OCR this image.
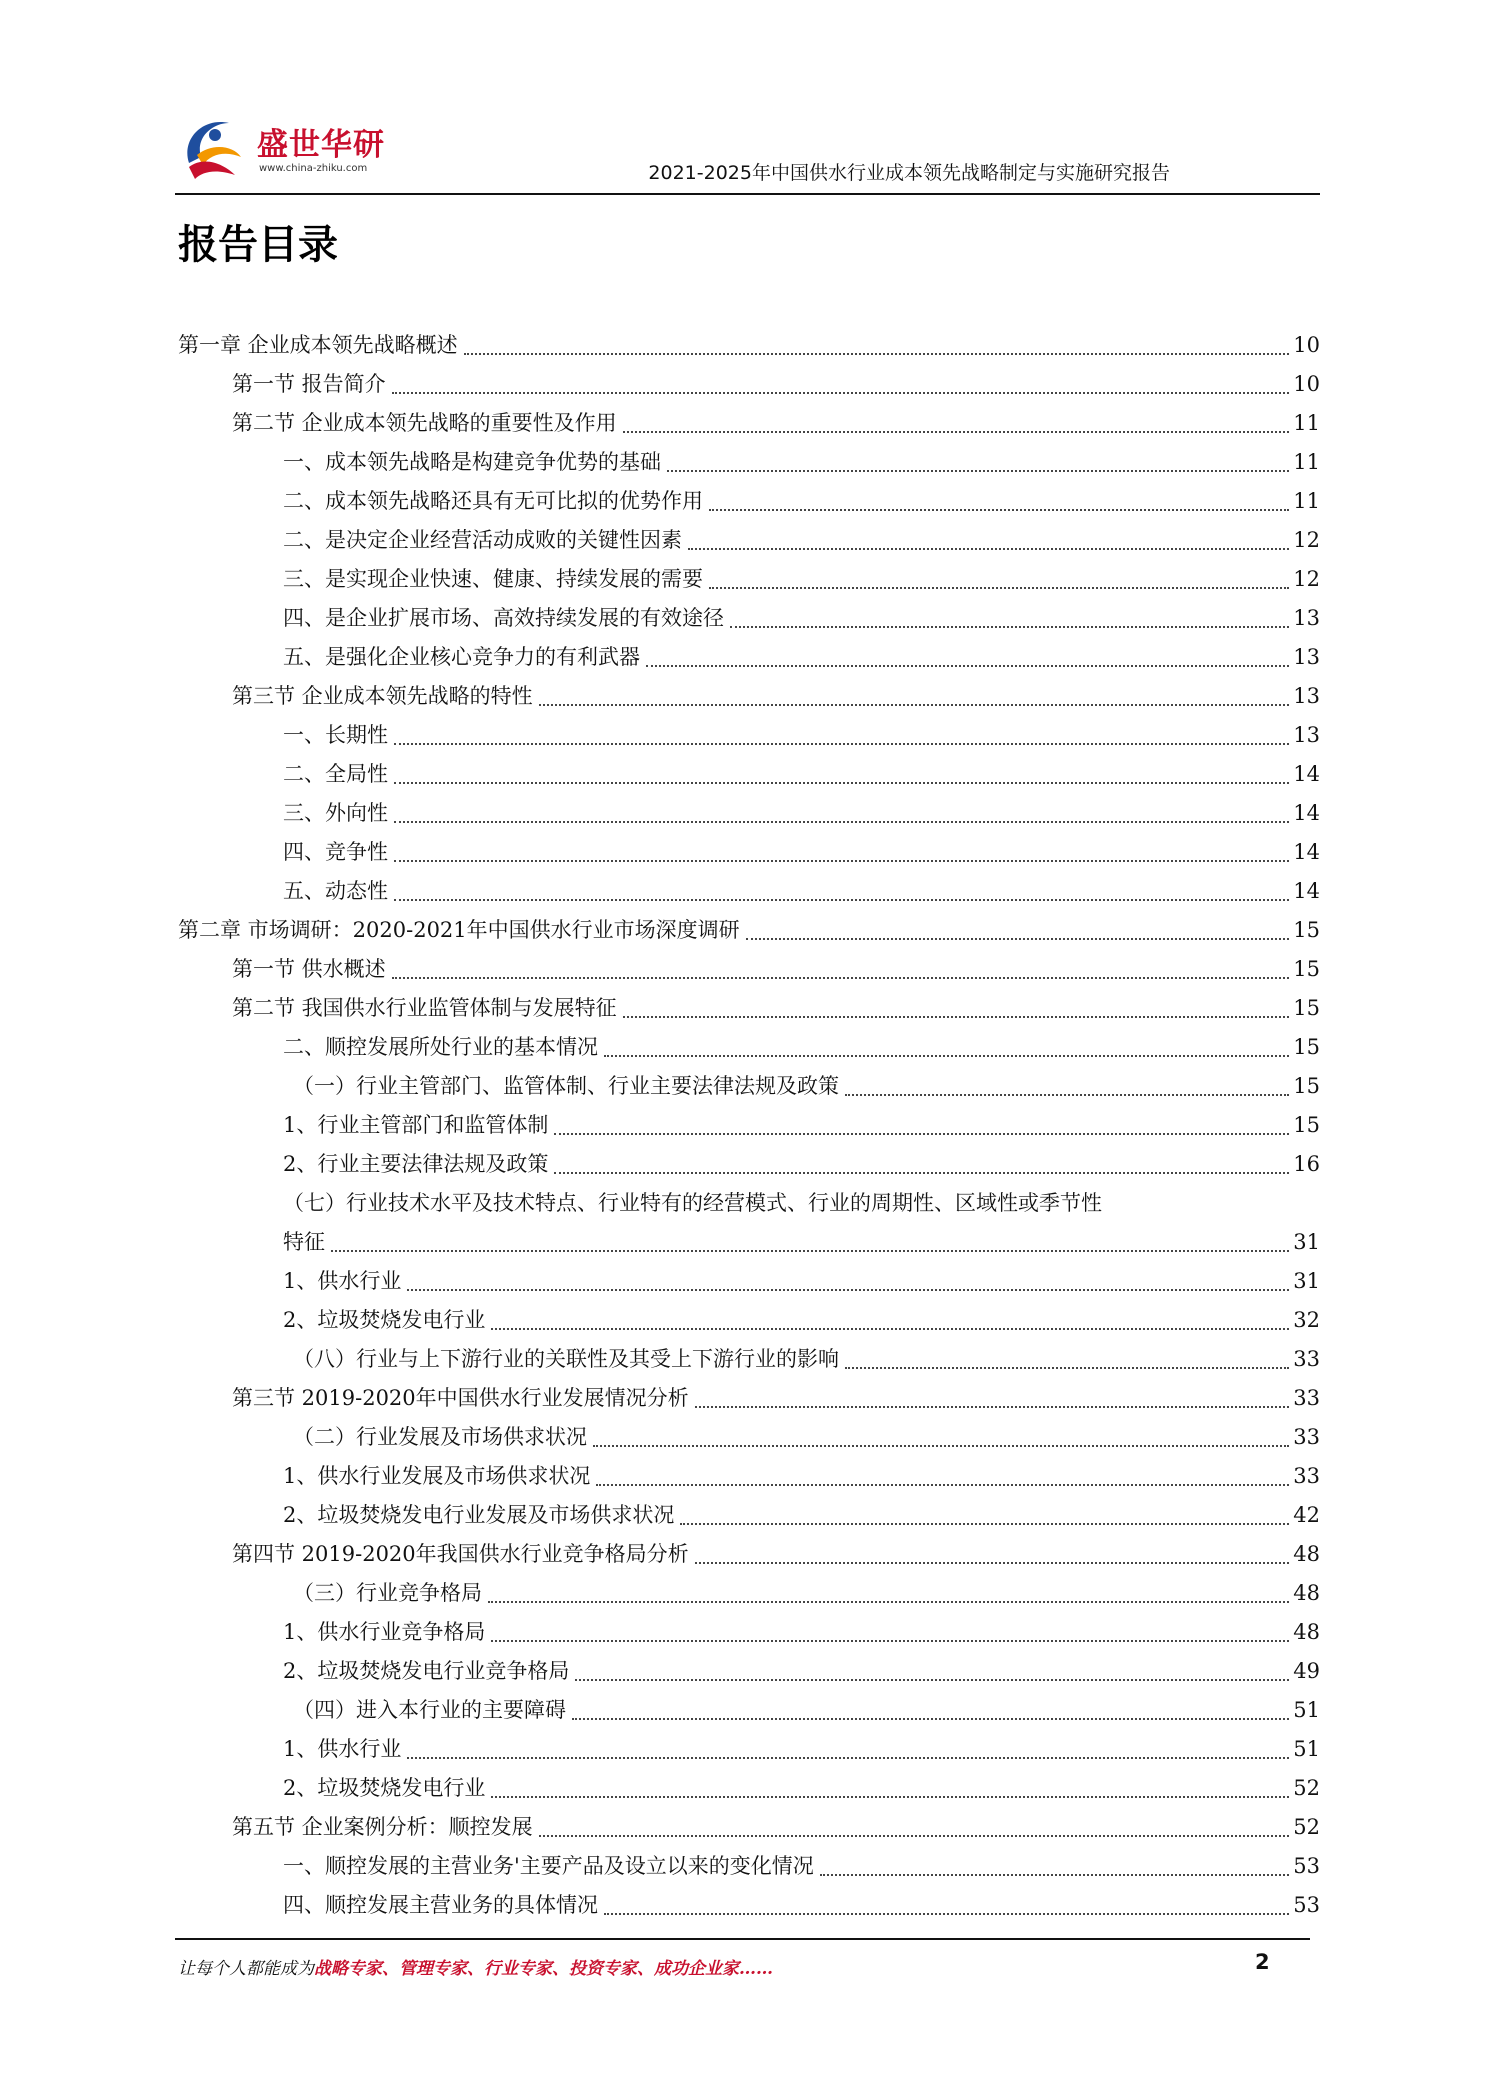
盛世华研
www.china-zhiku.com	2021-2025年中国供水行业成本领先战略制定与实施研究报告
报告目录
第一章 企业成本领先战略概述	10
第一节 报告简介	10
第二节 企业成本领先战略的重要性及作用	11
一、成本领先战略是构建竞争优势的基础	11
二、成本领先战略还具有无可比拟的优势作用	11
二、是决定企业经营活动成败的关键性因素	12
三、是实现企业快速、健康、持续发展的需要	12
四、是企业扩展市场、高效持续发展的有效途径	13
五、是强化企业核心竞争力的有利武器	13
第三节 企业成本领先战略的特性	13
一、长期性	13
二、全局性	14
三、外向性	14
四、竞争性	14
五、动态性	14
第二章 市场调研：2020-2021年中国供水行业市场深度调研	15
第一节 供水概述	15
第二节 我国供水行业监管体制与发展特征	15
二、顺控发展所处行业的基本情况	15
（一）行业主管部门、监管体制、行业主要法律法规及政策	15
1、行业主管部门和监管体制	15
2、行业主要法律法规及政策	16
（七）行业技术水平及技术特点、行业特有的经营模式、行业的周期性、区域性或季节性
特征	31
1、供水行业	31
2、垃圾焚烧发电行业	32
（八）行业与上下游行业的关联性及其受上下游行业的影响	33
第三节 2019-2020年中国供水行业发展情况分析	33
（二）行业发展及市场供求状况	33
1、供水行业发展及市场供求状况	33
2、垃圾焚烧发电行业发展及市场供求状况	42
第四节 2019-2020年我国供水行业竞争格局分析	48
（三）行业竞争格局	48
1、供水行业竞争格局	48
2、垃圾焚烧发电行业竞争格局	49
（四）进入本行业的主要障碍	51
1、供水行业	51
2、垃圾焚烧发电行业	52
第五节 企业案例分析：顺控发展	52
一、顺控发展的主营业务'主要产品及设立以来的变化情况	53
四、顺控发展主营业务的具体情况	53
让每个人都能成为战略专家、管理专家、行业专家、投资专家、成功企业家……	2
